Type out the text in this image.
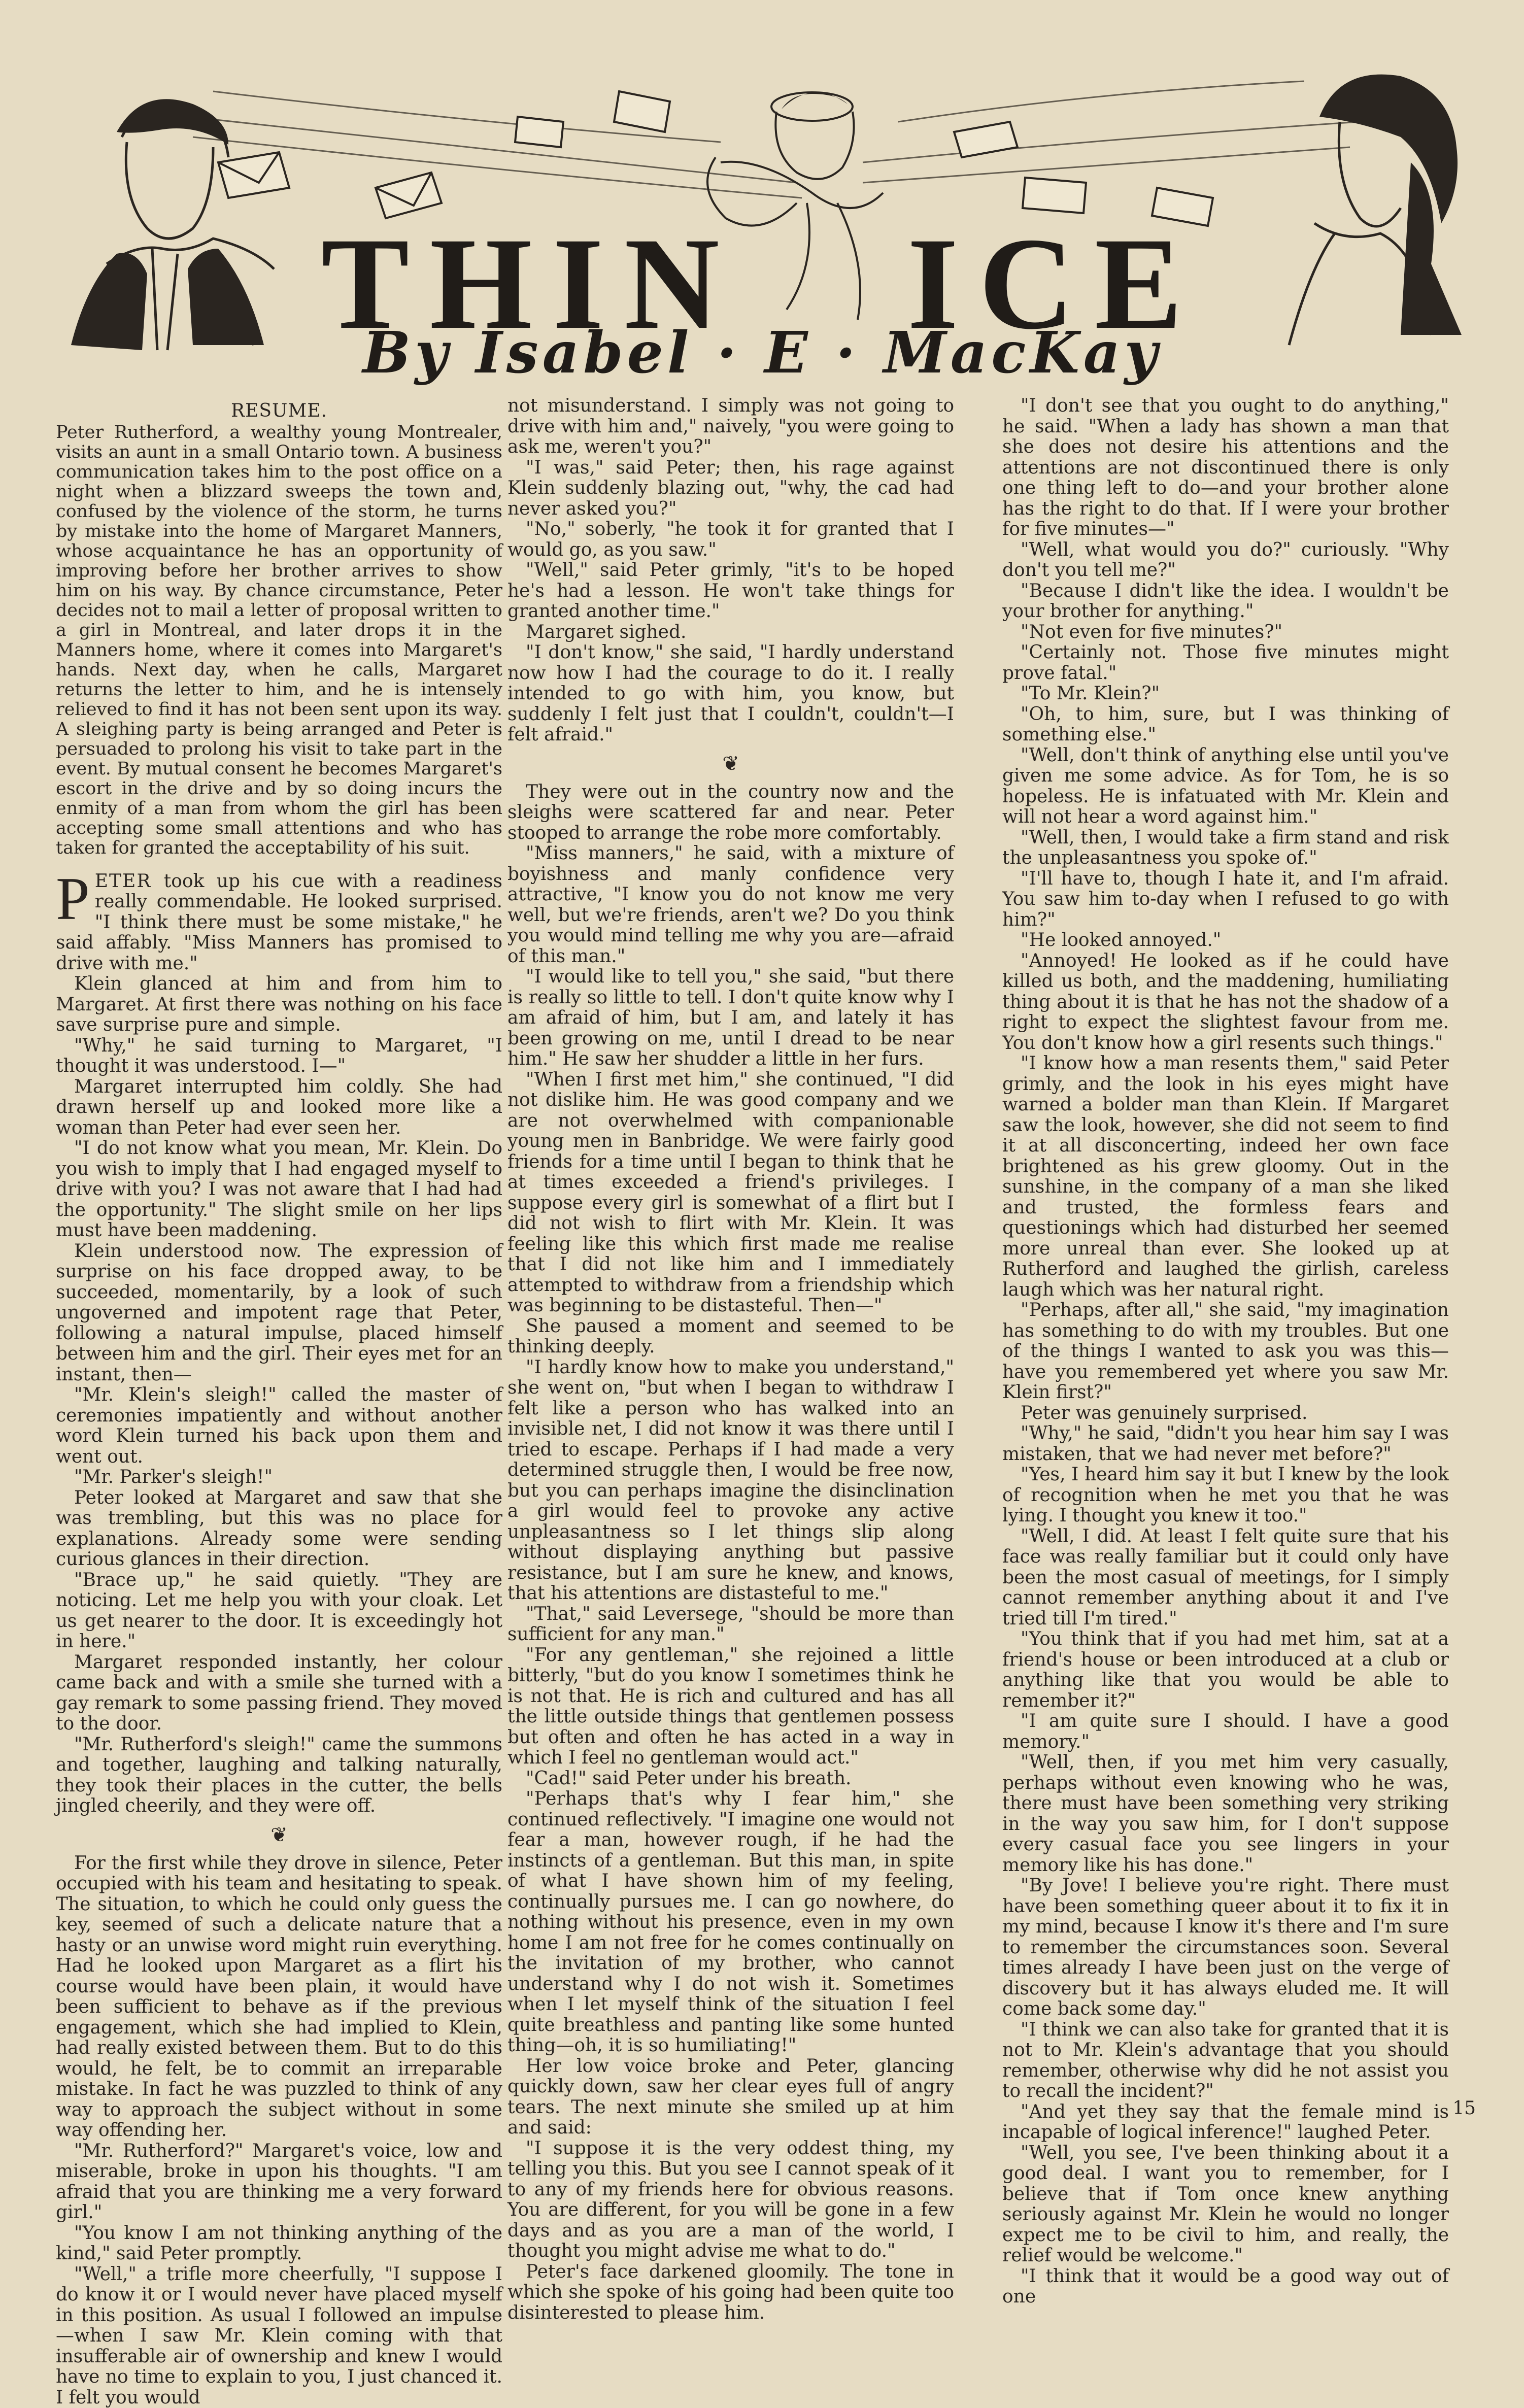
THIN ICE
By Isabel · E · MacKay
RESUME.

Peter Rutherford, a wealthy young Montrealer, visits an aunt in a small Ontario town. A business communication takes him to the post office on a night when a blizzard sweeps the town and, confused by the violence of the storm, he turns by mistake into the home of Margaret Manners, whose acquaintance he has an opportunity of improving before her brother arrives to show him on his way. By chance circumstance, Peter decides not to mail a letter of proposal written to a girl in Montreal, and later drops it in the Manners home, where it comes into Margaret's hands. Next day, when he calls, Margaret returns the letter to him, and he is intensely relieved to find it has not been sent upon its way. A sleighing party is being arranged and Peter is persuaded to prolong his visit to take part in the event. By mutual consent he becomes Margaret's escort in the drive and by so doing incurs the enmity of a man from whom the girl has been accepting some small attentions and who has taken for granted the acceptability of his suit.

PETER took up his cue with a readiness really commendable. He looked surprised. "I think there must be some mistake," he said affably. "Miss Manners has promised to drive with me."

Klein glanced at him and from him to Margaret. At first there was nothing on his face save surprise pure and simple.

"Why," he said turning to Margaret, "I thought it was understood. I—"

Margaret interrupted him coldly. She had drawn herself up and looked more like a woman than Peter had ever seen her.

"I do not know what you mean, Mr. Klein. Do you wish to imply that I had engaged myself to drive with you? I was not aware that I had had the opportunity." The slight smile on her lips must have been maddening.

Klein understood now. The expression of surprise on his face dropped away, to be succeeded, momentarily, by a look of such ungoverned and impotent rage that Peter, following a natural impulse, placed himself between him and the girl. Their eyes met for an instant, then—

"Mr. Klein's sleigh!" called the master of ceremonies impatiently and without another word Klein turned his back upon them and went out.

"Mr. Parker's sleigh!"

Peter looked at Margaret and saw that she was trembling, but this was no place for explanations. Already some were sending curious glances in their direction.

"Brace up," he said quietly. "They are noticing. Let me help you with your cloak. Let us get nearer to the door. It is exceedingly hot in here."

Margaret responded instantly, her colour came back and with a smile she turned with a gay remark to some passing friend. They moved to the door.

"Mr. Rutherford's sleigh!" came the summons and together, laughing and talking naturally, they took their places in the cutter, the bells jingled cheerily, and they were off.

❦

For the first while they drove in silence, Peter occupied with his team and hesitating to speak. The situation, to which he could only guess the key, seemed of such a delicate nature that a hasty or an unwise word might ruin everything. Had he looked upon Margaret as a flirt his course would have been plain, it would have been sufficient to behave as if the previous engagement, which she had implied to Klein, had really existed between them. But to do this would, he felt, be to commit an irreparable mistake. In fact he was puzzled to think of any way to approach the subject without in some way offending her.

"Mr. Rutherford?" Margaret's voice, low and miserable, broke in upon his thoughts. "I am afraid that you are thinking me a very forward girl."

"You know I am not thinking anything of the kind," said Peter promptly.

"Well," a trifle more cheerfully, "I suppose I do know it or I would never have placed myself in this position. As usual I followed an impulse—when I saw Mr. Klein coming with that insufferable air of ownership and knew I would have no time to explain to you, I just chanced it. I felt you would

not misunderstand. I simply was not going to drive with him and," naively, "you were going to ask me, weren't you?"

"I was," said Peter; then, his rage against Klein suddenly blazing out, "why, the cad had never asked you?"

"No," soberly, "he took it for granted that I would go, as you saw."

"Well," said Peter grimly, "it's to be hoped he's had a lesson. He won't take things for granted another time."

Margaret sighed.

"I don't know," she said, "I hardly understand now how I had the courage to do it. I really intended to go with him, you know, but suddenly I felt just that I couldn't, couldn't—I felt afraid."

❦

They were out in the country now and the sleighs were scattered far and near. Peter stooped to arrange the robe more comfortably.

"Miss manners," he said, with a mixture of boyishness and manly confidence very attractive, "I know you do not know me very well, but we're friends, aren't we? Do you think you would mind telling me why you are—afraid of this man."

"I would like to tell you," she said, "but there is really so little to tell. I don't quite know why I am afraid of him, but I am, and lately it has been growing on me, until I dread to be near him." He saw her shudder a little in her furs.

"When I first met him," she continued, "I did not dislike him. He was good company and we are not overwhelmed with companionable young men in Banbridge. We were fairly good friends for a time until I began to think that he at times exceeded a friend's privileges. I suppose every girl is somewhat of a flirt but I did not wish to flirt with Mr. Klein. It was feeling like this which first made me realise that I did not like him and I immediately attempted to withdraw from a friendship which was beginning to be distasteful. Then—"

She paused a moment and seemed to be thinking deeply.

"I hardly know how to make you understand," she went on, "but when I began to withdraw I felt like a person who has walked into an invisible net, I did not know it was there until I tried to escape. Perhaps if I had made a very determined struggle then, I would be free now, but you can perhaps imagine the disinclination a girl would feel to provoke any active unpleasantness so I let things slip along without displaying anything but passive resistance, but I am sure he knew, and knows, that his attentions are distasteful to me."

"That," said Leversege, "should be more than sufficient for any man."

"For any gentleman," she rejoined a little bitterly, "but do you know I sometimes think he is not that. He is rich and cultured and has all the little outside things that gentlemen possess but often and often he has acted in a way in which I feel no gentleman would act."

"Cad!" said Peter under his breath.

"Perhaps that's why I fear him," she continued reflectively. "I imagine one would not fear a man, however rough, if he had the instincts of a gentleman. But this man, in spite of what I have shown him of my feeling, continually pursues me. I can go nowhere, do nothing without his presence, even in my own home I am not free for he comes continually on the invitation of my brother, who cannot understand why I do not wish it. Sometimes when I let myself think of the situation I feel quite breathless and panting like some hunted thing—oh, it is so humiliating!"

Her low voice broke and Peter, glancing quickly down, saw her clear eyes full of angry tears. The next minute she smiled up at him and said:

"I suppose it is the very oddest thing, my telling you this. But you see I cannot speak of it to any of my friends here for obvious reasons. You are different, for you will be gone in a few days and as you are a man of the world, I thought you might advise me what to do."

Peter's face darkened gloomily. The tone in which she spoke of his going had been quite too disinterested to please him.

"I don't see that you ought to do anything," he said. "When a lady has shown a man that she does not desire his attentions and the attentions are not discontinued there is only one thing left to do—and your brother alone has the right to do that. If I were your brother for five minutes—"

"Well, what would you do?" curiously. "Why don't you tell me?"

"Because I didn't like the idea. I wouldn't be your brother for anything."

"Not even for five minutes?"

"Certainly not. Those five minutes might prove fatal."

"To Mr. Klein?"

"Oh, to him, sure, but I was thinking of something else."

"Well, don't think of anything else until you've given me some advice. As for Tom, he is so hopeless. He is infatuated with Mr. Klein and will not hear a word against him."

"Well, then, I would take a firm stand and risk the unpleasantness you spoke of."

"I'll have to, though I hate it, and I'm afraid. You saw him to-day when I refused to go with him?"

"He looked annoyed."

"Annoyed! He looked as if he could have killed us both, and the maddening, humiliating thing about it is that he has not the shadow of a right to expect the slightest favour from me. You don't know how a girl resents such things."

"I know how a man resents them," said Peter grimly, and the look in his eyes might have warned a bolder man than Klein. If Margaret saw the look, however, she did not seem to find it at all disconcerting, indeed her own face brightened as his grew gloomy. Out in the sunshine, in the company of a man she liked and trusted, the formless fears and questionings which had disturbed her seemed more unreal than ever. She looked up at Rutherford and laughed the girlish, careless laugh which was her natural right.

"Perhaps, after all," she said, "my imagination has something to do with my troubles. But one of the things I wanted to ask you was this—have you remembered yet where you saw Mr. Klein first?"

Peter was genuinely surprised.

"Why," he said, "didn't you hear him say I was mistaken, that we had never met before?"

"Yes, I heard him say it but I knew by the look of recognition when he met you that he was lying. I thought you knew it too."

"Well, I did. At least I felt quite sure that his face was really familiar but it could only have been the most casual of meetings, for I simply cannot remember anything about it and I've tried till I'm tired."

"You think that if you had met him, sat at a friend's house or been introduced at a club or anything like that you would be able to remember it?"

"I am quite sure I should. I have a good memory."

"Well, then, if you met him very casually, perhaps without even knowing who he was, there must have been something very striking in the way you saw him, for I don't suppose every casual face you see lingers in your memory like his has done."

"By Jove! I believe you're right. There must have been something queer about it to fix it in my mind, because I know it's there and I'm sure to remember the circumstances soon. Several times already I have been just on the verge of discovery but it has always eluded me. It will come back some day."

"I think we can also take for granted that it is not to Mr. Klein's advantage that you should remember, otherwise why did he not assist you to recall the incident?"

"And yet they say that the female mind is incapable of logical inference!" laughed Peter.

"Well, you see, I've been thinking about it a good deal. I want you to remember, for I believe that if Tom once knew anything seriously against Mr. Klein he would no longer expect me to be civil to him, and really, the relief would be welcome."

"I think that it would be a good way out of one

15
